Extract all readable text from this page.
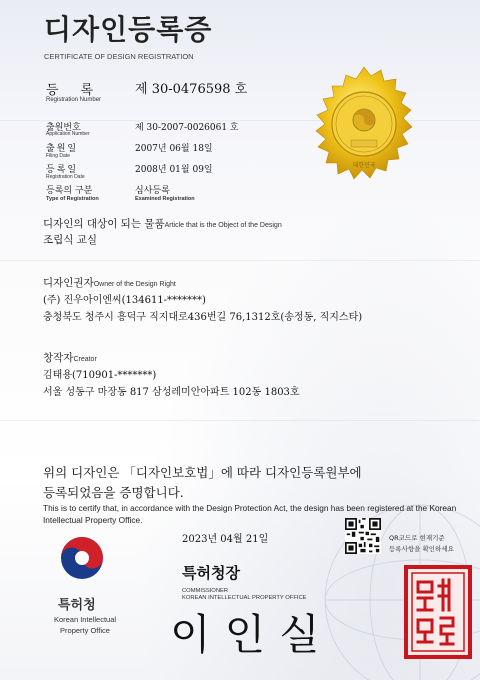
디자인등록증
CERTIFICATE OF DESIGN REGISTRATION
등록
Registration Number
제 30-0476598 호
대한민국
출원번호
Application Number
제 30-2007-0026061 호
출원일
Filing Date
2007년 06월 18일
등록일
Registration Date
2008년 01월 09일
등록의 구분
Type of Registration
심사등록
Examined Registration
디자인의 대상이 되는 물품Article that is the Object of the Design
조립식 교실
디자인권자Owner of the Design Right
(주) 진우아이엔씨(134611-*******)
충청북도 청주시 흥덕구 직지대로436번길 76,1312호(송정동, 직지스타)
창작자Creator
김태용(710901-*******)
서울 성동구 마장동 817 삼성레미안아파트 102동 1803호
위의 디자인은 「디자인보호법」에 따라 디자인등록원부에
등록되었음을 증명합니다.
This is to certify that, in accordance with the Design Protection Act, the design has been registered at the Korean Intellectual Property Office.
2023년 04월 21일	QR코드로 현재기준
등록사항을 확인하세요
특허청
Korean Intellectual
Property Office
특허청장
COMMISSIONER
KOREAN INTELLECTUAL PROPERTY OFFICE
이인실
